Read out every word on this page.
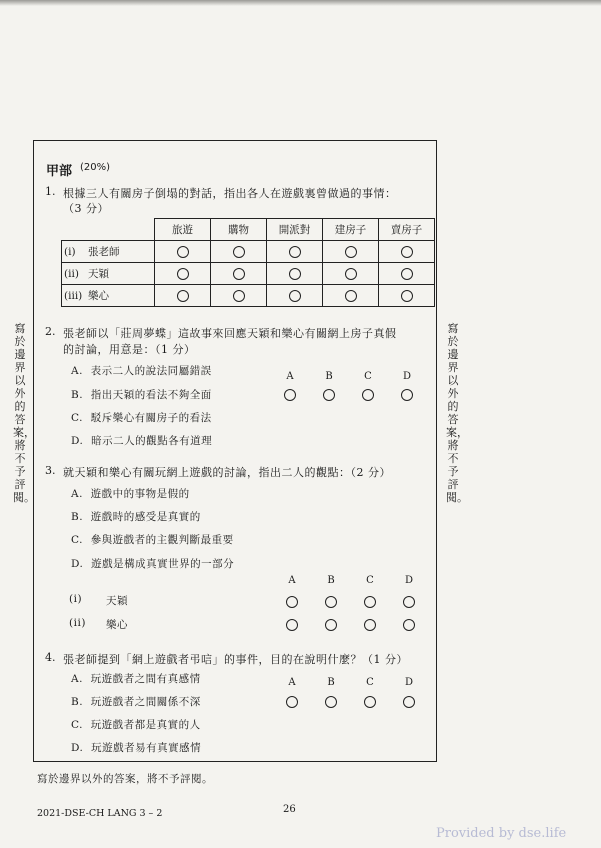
寫於邊界以外的答案，將不予評閱。
寫於邊界以外的答案，將不予評閱。
甲部 (20%)
1. 根據三人有關房子倒塌的對話，指出各人在遊戲裏曾做過的事情：
（3 分）
	旅遊	購物	開派對	建房子	賣房子
(i) 張老師					
(ii) 天穎					
(iii) 樂心					
2. 張老師以「莊周夢蝶」這故事來回應天穎和樂心有關網上房子真假
的討論，用意是：（1 分）
A. 表示二人的說法同屬錯誤
B. 指出天穎的看法不夠全面
C. 駁斥樂心有關房子的看法
D. 暗示二人的觀點各有道理
A	B	C	D
3. 就天穎和樂心有關玩網上遊戲的討論，指出二人的觀點：（2 分）
A. 遊戲中的事物是假的
B. 遊戲時的感受是真實的
C. 參與遊戲者的主觀判斷最重要
D. 遊戲是構成真實世界的一部分
A	B	C	D
(i) 天穎
(ii) 樂心
4. 張老師提到「網上遊戲者弔唁」的事件，目的在說明什麼？（1 分）
A. 玩遊戲者之間有真感情
B. 玩遊戲者之間關係不深
C. 玩遊戲者都是真實的人
D. 玩遊戲者易有真實感情
A	B	C	D
寫於邊界以外的答案，將不予評閱。
2021-DSE-CH LANG 3 – 2	26
Provided by dse.life
